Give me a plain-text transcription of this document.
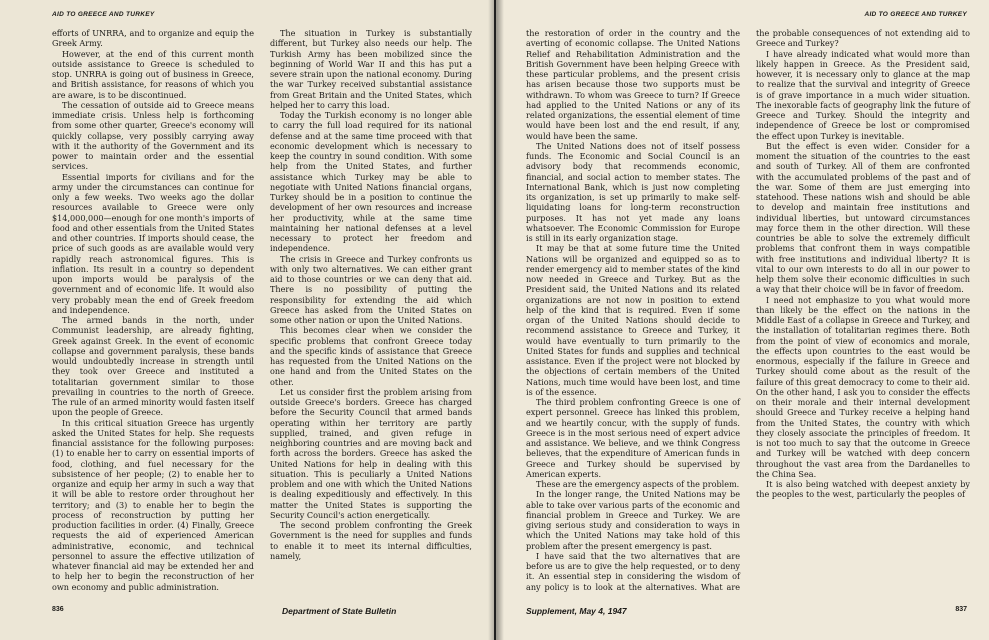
AID TO GREECE AND TURKEY

efforts of UNRRA, and to organize and equip the Greek Army.

However, at the end of this current month outside assistance to Greece is scheduled to stop. UNRRA is going out of business in Greece, and British assistance, for reasons of which you are aware, is to be discontinued.

The cessation of outside aid to Greece means immediate crisis. Unless help is forthcoming from some other quarter, Greece's economy will quickly collapse, very possibly carrying away with it the authority of the Government and its power to maintain order and the essential services.

Essential imports for civilians and for the army under the circumstances can continue for only a few weeks. Two weeks ago the dollar resources available to Greece were only $14,000,000—enough for one month's imports of food and other essentials from the United States and other countries. If imports should cease, the price of such goods as are available would very rapidly reach astronomical figures. This is inflation. Its result in a country so dependent upon imports would be paralysis of the government and of economic life. It would also very probably mean the end of Greek freedom and independence.

The armed bands in the north, under Communist leadership, are already fighting, Greek against Greek. In the event of economic collapse and government paralysis, these bands would undoubtedly increase in strength until they took over Greece and instituted a totalitarian government similar to those prevailing in countries to the north of Greece. The rule of an armed minority would fasten itself upon the people of Greece.

In this critical situation Greece has urgently asked the United States for help. She requests financial assistance for the following purposes: (1) to enable her to carry on essential imports of food, clothing, and fuel necessary for the subsistence of her people; (2) to enable her to organize and equip her army in such a way that it will be able to restore order throughout her territory; and (3) to enable her to begin the process of reconstruction by putting her production facilities in order. (4) Finally, Greece requests the aid of experienced American administrative, economic, and technical personnel to assure the effective utilization of whatever financial aid may be extended her and to help her to begin the reconstruction of her own economy and public administration.

The situation in Turkey is substantially different, but Turkey also needs our help. The Turkish Army has been mobilized since the beginning of World War II and this has put a severe strain upon the national economy. During the war Turkey received substantial assistance from Great Britain and the United States, which helped her to carry this load.

Today the Turkish economy is no longer able to carry the full load required for its national defense and at the same time proceed with that economic development which is necessary to keep the country in sound condition. With some help from the United States, and further assistance which Turkey may be able to negotiate with United Nations financial organs, Turkey should be in a position to continue the development of her own resources and increase her productivity, while at the same time maintaining her national defenses at a level necessary to protect her freedom and independence.

The crisis in Greece and Turkey confronts us with only two alternatives. We can either grant aid to those countries or we can deny that aid. There is no possibility of putting the responsibility for extending the aid which Greece has asked from the United States on some other nation or upon the United Nations.

This becomes clear when we consider the specific problems that confront Greece today and the specific kinds of assistance that Greece has requested from the United Nations on the one hand and from the United States on the other.

Let us consider first the problem arising from outside Greece's borders. Greece has charged before the Security Council that armed bands operating within her territory are partly supplied, trained, and given refuge in neighboring countries and are moving back and forth across the borders. Greece has asked the United Nations for help in dealing with this situation. This is peculiarly a United Nations problem and one with which the United Nations is dealing expeditiously and effectively. In this matter the United States is supporting the Security Council's action energetically.

The second problem confronting the Greek Government is the need for supplies and funds to enable it to meet its internal difficulties, namely,

836	Department of State Bulletin
AID TO GREECE AND TURKEY

the restoration of order in the country and the averting of economic collapse. The United Nations Relief and Rehabilitation Administration and the British Government have been helping Greece with these particular problems, and the present crisis has arisen because those two supports must be withdrawn. To whom was Greece to turn? If Greece had applied to the United Nations or any of its related organizations, the essential element of time would have been lost and the end result, if any, would have been the same.

The United Nations does not of itself possess funds. The Economic and Social Council is an advisory body that recommends economic, financial, and social action to member states. The International Bank, which is just now completing its organization, is set up primarily to make self-liquidating loans for long-term reconstruction purposes. It has not yet made any loans whatsoever. The Economic Commission for Europe is still in its early organization stage.

It may be that at some future time the United Nations will be organized and equipped so as to render emergency aid to member states of the kind now needed in Greece and Turkey. But as the President said, the United Nations and its related organizations are not now in position to extend help of the kind that is required. Even if some organ of the United Nations should decide to recommend assistance to Greece and Turkey, it would have eventually to turn primarily to the United States for funds and supplies and technical assistance. Even if the project were not blocked by the objections of certain members of the United Nations, much time would have been lost, and time is of the essence.

The third problem confronting Greece is one of expert personnel. Greece has linked this problem, and we heartily concur, with the supply of funds. Greece is in the most serious need of expert advice and assistance. We believe, and we think Congress believes, that the expenditure of American funds in Greece and Turkey should be supervised by American experts.

These are the emergency aspects of the problem.

In the longer range, the United Nations may be able to take over various parts of the economic and financial problem in Greece and Turkey. We are giving serious study and consideration to ways in which the United Nations may take hold of this problem after the present emergency is past.

I have said that the two alternatives that are before us are to give the help requested, or to deny it. An essential step in considering the wisdom of any policy is to look at the alternatives. What are the probable consequences of not extending aid to Greece and Turkey?

I have already indicated what would more than likely happen in Greece. As the President said, however, it is necessary only to glance at the map to realize that the survival and integrity of Greece is of grave importance in a much wider situation. The inexorable facts of geography link the future of Greece and Turkey. Should the integrity and independence of Greece be lost or compromised the effect upon Turkey is inevitable.

But the effect is even wider. Consider for a moment the situation of the countries to the east and south of Turkey. All of them are confronted with the accumulated problems of the past and of the war. Some of them are just emerging into statehood. These nations wish and should be able to develop and maintain free institutions and individual liberties, but untoward circumstances may force them in the other direction. Will these countries be able to solve the extremely difficult problems that confront them in ways compatible with free institutions and individual liberty? It is vital to our own interests to do all in our power to help them solve their economic difficulties in such a way that their choice will be in favor of freedom.

I need not emphasize to you what would more than likely be the effect on the nations in the Middle East of a collapse in Greece and Turkey, and the installation of totalitarian regimes there. Both from the point of view of economics and morale, the effects upon countries to the east would be enormous, especially if the failure in Greece and Turkey should come about as the result of the failure of this great democracy to come to their aid. On the other hand, I ask you to consider the effects on their morale and their internal development should Greece and Turkey receive a helping hand from the United States, the country with which they closely associate the principles of freedom. It is not too much to say that the outcome in Greece and Turkey will be watched with deep concern throughout the vast area from the Dardanelles to the China Sea.

It is also being watched with deepest anxiety by the peoples to the west, particularly the peoples of

Supplement, May 4, 1947	837
